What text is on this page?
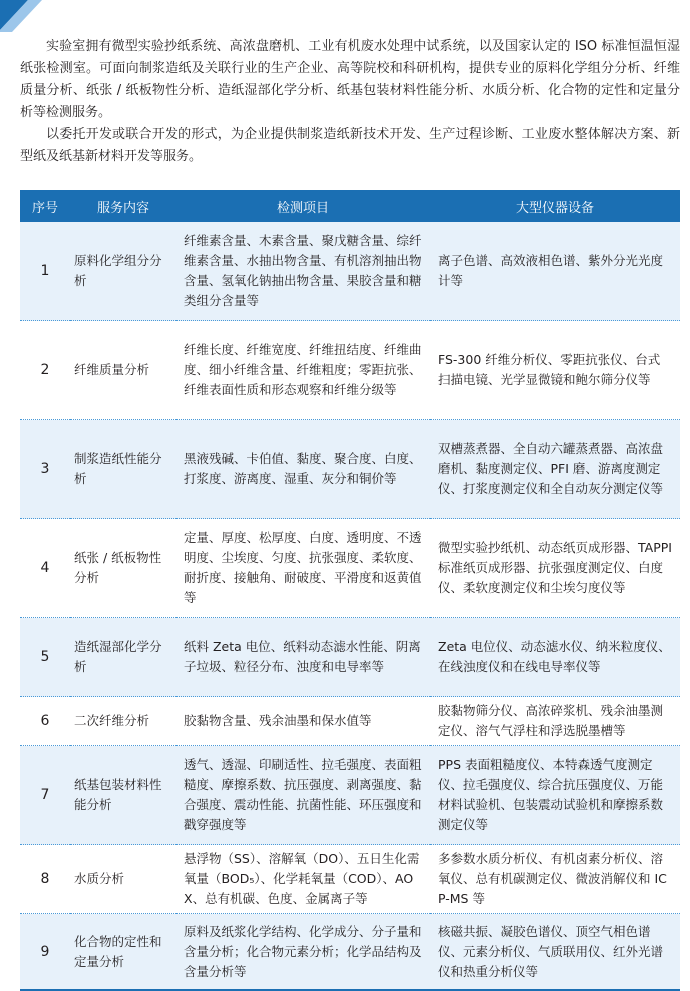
实验室拥有微型实验抄纸系统、高浓盘磨机、工业有机废水处理中试系统，以及国家认定的 ISO 标准恒温恒湿纸张检测室。可面向制浆造纸及关联行业的生产企业、高等院校和科研机构，提供专业的原料化学组分分析、纤维质量分析、纸张 / 纸板物性分析、造纸湿部化学分析、纸基包装材料性能分析、水质分析、化合物的定性和定量分析等检测服务。

以委托开发或联合开发的形式，为企业提供制浆造纸新技术开发、生产过程诊断、工业废水整体解决方案、新型纸及纸基新材料开发等服务。

序号	服务内容	检测项目	大型仪器设备
1	原料化学组分分析	纤维素含量、木素含量、聚戊糖含量、综纤维素含量、水抽出物含量、有机溶剂抽出物含量、氢氧化钠抽出物含量、果胶含量和糖类组分含量等	离子色谱、高效液相色谱、紫外分光光度计等
2	纤维质量分析	纤维长度、纤维宽度、纤维扭结度、纤维曲度、细小纤维含量、纤维粗度；零距抗张、纤维表面性质和形态观察和纤维分级等	FS-300 纤维分析仪、零距抗张仪、台式扫描电镜、光学显微镜和鲍尔筛分仪等
3	制浆造纸性能分析	黑液残碱、卡伯值、黏度、聚合度、白度、打浆度、游离度、湿重、灰分和铜价等	双槽蒸煮器、全自动六罐蒸煮器、高浓盘磨机、黏度测定仪、PFI 磨、游离度测定仪、打浆度测定仪和全自动灰分测定仪等
4	纸张 / 纸板物性分析	定量、厚度、松厚度、白度、透明度、不透明度、尘埃度、匀度、抗张强度、柔软度、耐折度、接触角、耐破度、平滑度和返黄值等	微型实验抄纸机、动态纸页成形器、TAPPI 标准纸页成形器、抗张强度测定仪、白度仪、柔软度测定仪和尘埃匀度仪等
5	造纸湿部化学分析	纸料 Zeta 电位、纸料动态滤水性能、阴离子垃圾、粒径分布、浊度和电导率等	Zeta 电位仪、动态滤水仪、纳米粒度仪、在线浊度仪和在线电导率仪等
6	二次纤维分析	胶黏物含量、残余油墨和保水值等	胶黏物筛分仪、高浓碎浆机、残余油墨测定仪、溶气气浮柱和浮选脱墨槽等
7	纸基包装材料性能分析	透气、透湿、印刷适性、拉毛强度、表面粗糙度、摩擦系数、抗压强度、剥离强度、黏合强度、震动性能、抗菌性能、环压强度和戳穿强度等	PPS 表面粗糙度仪、本特森透气度测定仪、拉毛强度仪、综合抗压强度仪、万能材料试验机、包装震动试验机和摩擦系数测定仪等
8	水质分析	悬浮物（SS）、溶解氧（DO）、五日生化需氧量（BOD₅）、化学耗氧量（COD）、AOX、总有机碳、色度、金属离子等	多参数水质分析仪、有机卤素分析仪、溶氧仪、总有机碳测定仪、微波消解仪和 ICP-MS 等
9	化合物的定性和定量分析	原料及纸浆化学结构、化学成分、分子量和含量分析；化合物元素分析；化学品结构及含量分析等	核磁共振、凝胶色谱仪、顶空气相色谱仪、元素分析仪、气质联用仪、红外光谱仪和热重分析仪等
